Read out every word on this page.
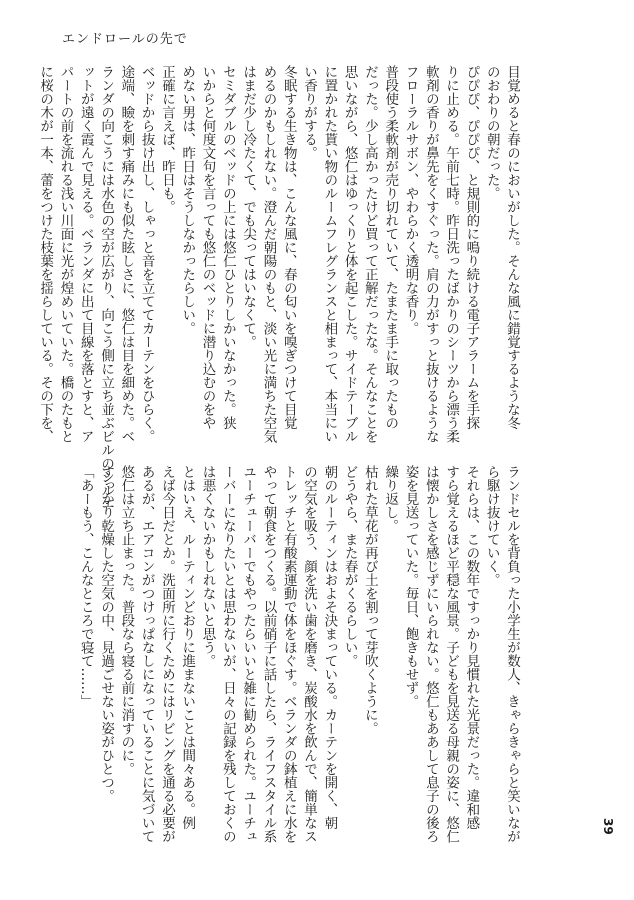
エンドロールの先で

目覚めると春のにおいがした。そんな風に錯覚するような冬

のおわりの朝だった。

ぴぴぴ、ぴぴぴ、と規則的に鳴り続ける電子アラームを手探

りに止める。午前七時。昨日洗ったばかりのシーツから漂う柔

軟剤の香りが鼻先をくすぐった。肩の力がすっと抜けるような

フローラルサボン、やわらかく透明な香り。

普段使う柔軟剤が売り切れていて、たまたま手に取ったもの

だった。少し高かったけど買って正解だったな。そんなことを

思いながら、悠仁はゆっくりと体を起こした。サイドテーブル

に置かれた貰い物のルームフレグランスと相まって、本当にい

い香りがする。

冬眠する生き物は、こんな風に、春の匂いを嗅ぎつけて目覚

めるのかもしれない。澄んだ朝陽のもと、淡い光に満ちた空気

はまだ少し冷たくて、でも尖ってはいなくて。

セミダブルのベッドの上には悠仁ひとりしかいなかった。狭

いからと何度文句を言っても悠仁のベッドに潜り込むのをや

めない男は、昨日はそうしなかったらしい。

正確に言えば、昨日も。

ベッドから抜け出し、しゃっと音を立ててカーテンをひらく。

途端、瞼を刺す痛みにも似た眩しさに、悠仁は目を細めた。ベ

ランダの向こうには水色の空が広がり、向こう側に立ち並ぶビルのシルエ

ットが遠く霞んで見える。ベランダに出て目線を落とすと、ア

パートの前を流れる浅い川面に光が煌めいていた。橋のたもと

に桜の木が一本、蕾をつけた枝葉を揺らしている。その下を、

ランドセルを背負った小学生が数人、きゃらきゃらと笑いなが

ら駆け抜けていく。

それらは、この数年ですっかり見慣れた光景だった。違和感

すら覚えるほど平穏な風景。子どもを見送る母親の姿に、悠仁

は懐かしさを感じずにいられない。悠仁もああして息子の後ろ

姿を見送っていた。毎日、飽きもせず。

繰り返し。

枯れた草花が再び土を割って芽吹くように。

どうやら、また春がくるらしい。

朝のルーティンはおよそ決まっている。カーテンを開く、朝

の空気を吸う、顔を洗い歯を磨き、炭酸水を飲んで、簡単なス

トレッチと有酸素運動で体をほぐす。ベランダの鉢植えに水を

やって朝食をつくる。以前硝子に話したら、ライフスタイル系

ユーチューバーでもやったらいいと雑に勧められた。ユーチュ

ーバーになりたいとは思わないが、日々の記録を残しておくの

は悪くないかもしれないと思う。

とはいえ、ルーティンどおりに進まないことは間々ある。例

えば今日だとか。洗面所に行くためにはリビングを通る必要が

あるが、エアコンがつけっぱなしになっていることに気づいて

悠仁は立ち止まった。普段なら寝る前に消すのに。

すっかり乾燥した空気の中、見過ごせない姿がひとつ。

「あーもう、こんなところで寝て……」

39
